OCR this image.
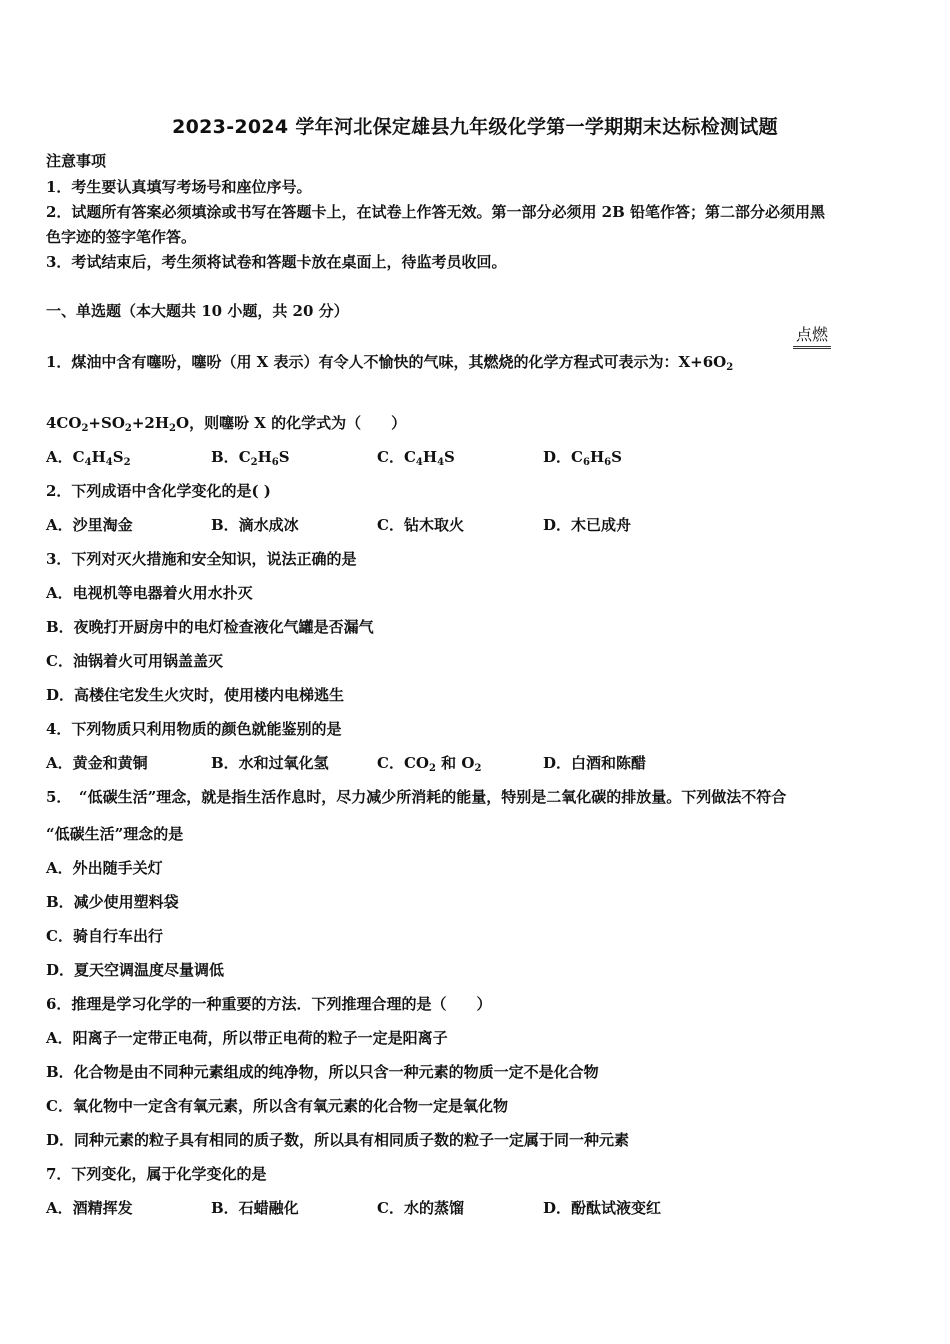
2023-2024 学年河北保定雄县九年级化学第一学期期末达标检测试题
注意事项
1．考生要认真填写考场号和座位序号。
2．试题所有答案必须填涂或书写在答题卡上，在试卷上作答无效。第一部分必须用 2B 铅笔作答；第二部分必须用黑
色字迹的签字笔作答。
3．考试结束后，考生须将试卷和答题卡放在桌面上，待监考员收回。
一、单选题（本大题共 10 小题，共 20 分）
1．煤油中含有噻吩，噻吩（用 X 表示）有令人不愉快的气味，其燃烧的化学方程式可表示为：$X+6O_2$
点燃
$4CO_2+SO_2+2H_2O$，则噻吩 X 的化学式为（　　）
A．$C_4H_4S_2$	B．$C_2H_6S$	C．$C_4H_4S$	D．$C_6H_6S$
2．下列成语中含化学变化的是( )
A．沙里淘金	B．滴水成冰	C．钻木取火	D．木已成舟
3．下列对灭火措施和安全知识，说法正确的是
A．电视机等电器着火用水扑灭
B．夜晚打开厨房中的电灯检查液化气罐是否漏气
C．油锅着火可用锅盖盖灭
D．高楼住宅发生火灾时，使用楼内电梯逃生
4．下列物质只利用物质的颜色就能鉴别的是
A．黄金和黄铜	B．水和过氧化氢	C．$CO_2$ 和 $O_2$	D．白酒和陈醋
5．　“低碳生活”理念，就是指生活作息时，尽力减少所消耗的能量，特别是二氧化碳的排放量。下列做法不符合
“低碳生活”理念的是
A．外出随手关灯
B．减少使用塑料袋
C．骑自行车出行
D．夏天空调温度尽量调低
6．推理是学习化学的一种重要的方法．下列推理合理的是（　　）
A．阳离子一定带正电荷，所以带正电荷的粒子一定是阳离子
B．化合物是由不同种元素组成的纯净物，所以只含一种元素的物质一定不是化合物
C．氧化物中一定含有氧元素，所以含有氧元素的化合物一定是氧化物
D．同种元素的粒子具有相同的质子数，所以具有相同质子数的粒子一定属于同一种元素
7．下列变化，属于化学变化的是
A．酒精挥发	B．石蜡融化	C．水的蒸馏	D．酚酞试液变红
